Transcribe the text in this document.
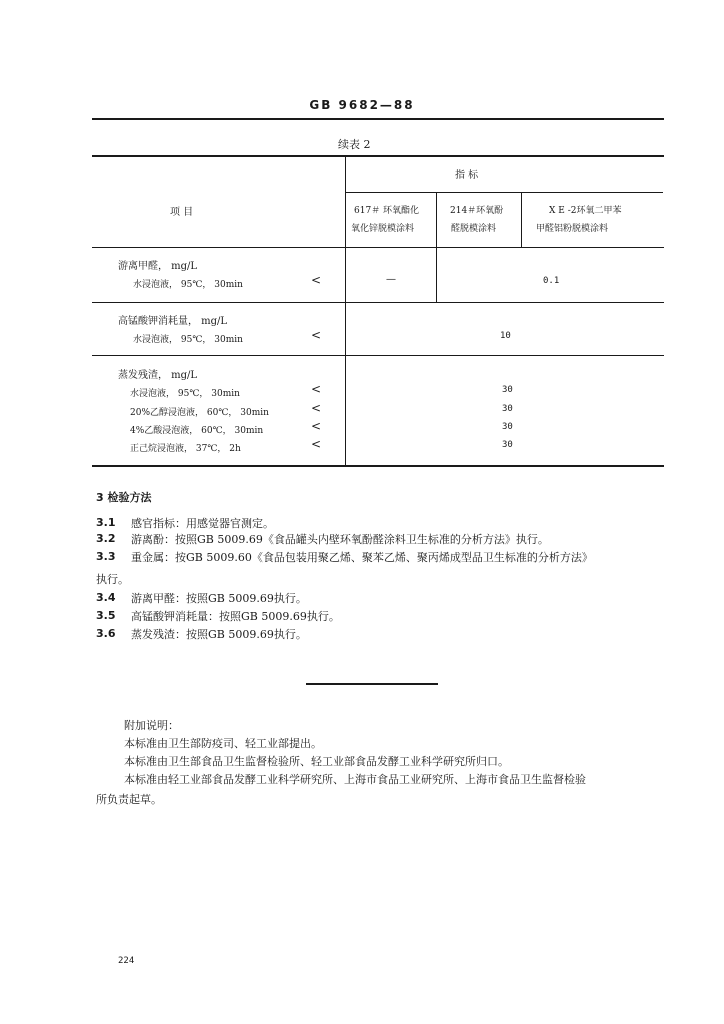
GB 9682—88
续表 2
项 目
指 标
617＃ 环氧酯化
氧化锌脱模涂料
214＃环氧酚
醛脱模涂料
X E -2环氧二甲苯
甲醛铝粉脱模涂料
游离甲醛， mg/L
水浸泡液， 95℃， 30min	<	—	0.1
高锰酸钾消耗量， mg/L
水浸泡液， 95℃， 30min	<	10
蒸发残渣， mg/L
水浸泡液， 95℃， 30min	<	30
20%乙醇浸泡液， 60℃， 30min	<	30
4%乙酸浸泡液， 60℃， 30min	<	30
正己烷浸泡液， 37℃， 2h	<	30
3 检验方法
3.1 感官指标：用感觉器官测定。
3.2 游离酚：按照GB 5009.69《食品罐头内壁环氧酚醛涂料卫生标准的分析方法》执行。
3.3 重金属：按GB 5009.60《食品包装用聚乙烯、聚苯乙烯、聚丙烯成型品卫生标准的分析方法》
执行。
3.4 游离甲醛：按照GB 5009.69执行。
3.5 高锰酸钾消耗量：按照GB 5009.69执行。
3.6 蒸发残渣：按照GB 5009.69执行。
附加说明：
本标准由卫生部防疫司、轻工业部提出。
本标准由卫生部食品卫生监督检验所、轻工业部食品发酵工业科学研究所归口。
本标准由轻工业部食品发酵工业科学研究所、上海市食品工业研究所、上海市食品卫生监督检验
所负责起草。
224
